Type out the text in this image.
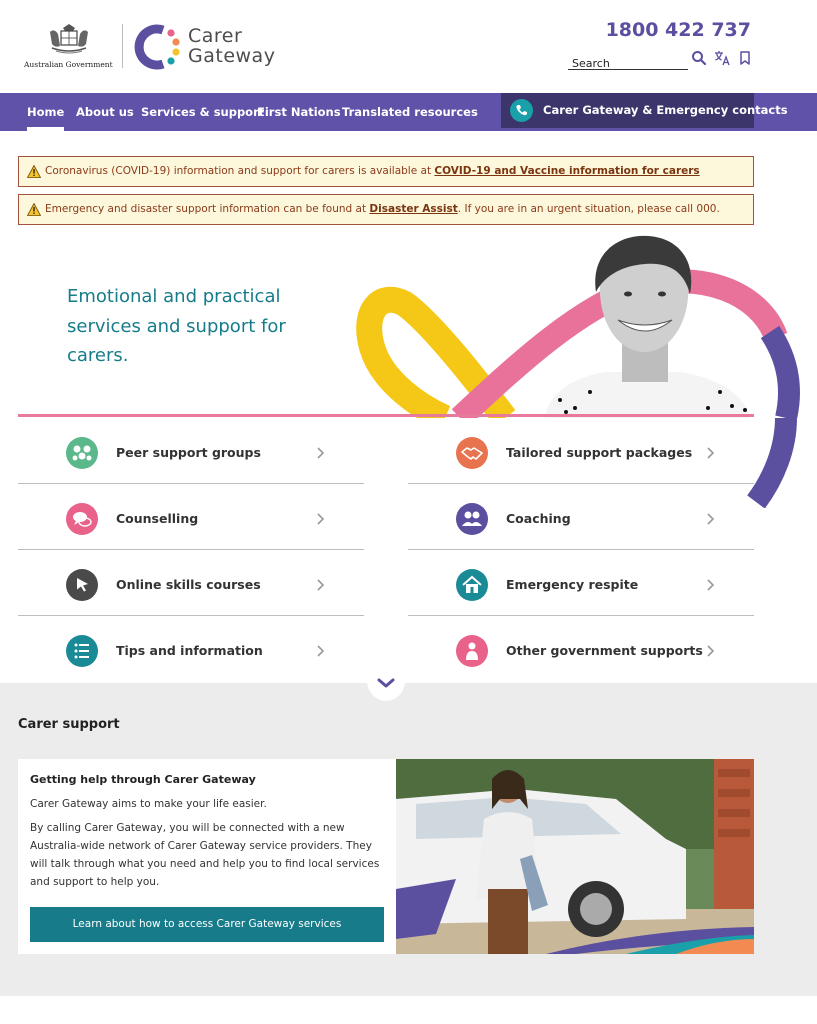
Australian Government
Carer
Gateway
1800 422 737
Search
Home About us Services & support
First Nations Translated resources	Carer Gateway & Emergency contacts
Coronavirus (COVID-19) information and support for carers is available at COVID-19 and Vaccine information for carers
Emergency and disaster support information can be found at Disaster Assist. If you are in an urgent situation, please call 000.
Emotional and practical services and support for carers.
Peer support groups	Tailored support packages
Counselling	Coaching
Online skills courses	Emergency respite
Tips and information	Other government supports
Carer support
Getting help through Carer Gateway

Carer Gateway aims to make your life easier.

By calling Carer Gateway, you will be connected with a new Australia-wide network of Carer Gateway service providers. They will talk through what you need and help you to find local services and support to help you.

Learn about how to access Carer Gateway services
